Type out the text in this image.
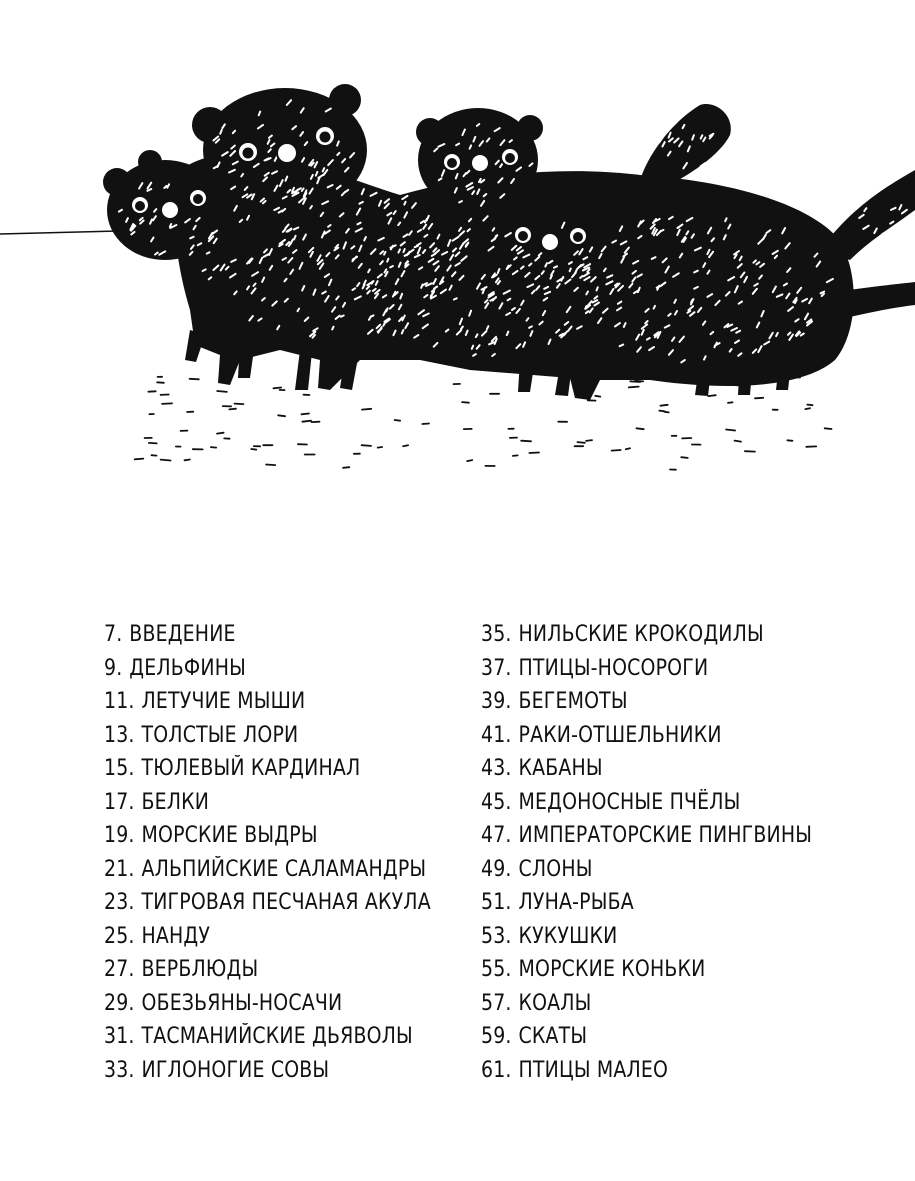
7. ВВЕДЕНИЕ
9. ДЕЛЬФИНЫ
11. ЛЕТУЧИЕ МЫШИ
13. ТОЛСТЫЕ ЛОРИ
15. ТЮЛЕВЫЙ КАРДИНАЛ
17. БЕЛКИ
19. МОРСКИЕ ВЫДРЫ
21. АЛЬПИЙСКИЕ САЛАМАНДРЫ
23. ТИГРОВАЯ ПЕСЧАНАЯ АКУЛА
25. НАНДУ
27. ВЕРБЛЮДЫ
29. ОБЕЗЬЯНЫ-НОСАЧИ
31. ТАСМАНИЙСКИЕ ДЬЯВОЛЫ
33. ИГЛОНОГИЕ СОВЫ
35. НИЛЬСКИЕ КРОКОДИЛЫ
37. ПТИЦЫ-НОСОРОГИ
39. БЕГЕМОТЫ
41. РАКИ-ОТШЕЛЬНИКИ
43. КАБАНЫ
45. МЕДОНОСНЫЕ ПЧЁЛЫ
47. ИМПЕРАТОРСКИЕ ПИНГВИНЫ
49. СЛОНЫ
51. ЛУНА-РЫБА
53. КУКУШКИ
55. МОРСКИЕ КОНЬКИ
57. КОАЛЫ
59. СКАТЫ
61. ПТИЦЫ МАЛЕО
